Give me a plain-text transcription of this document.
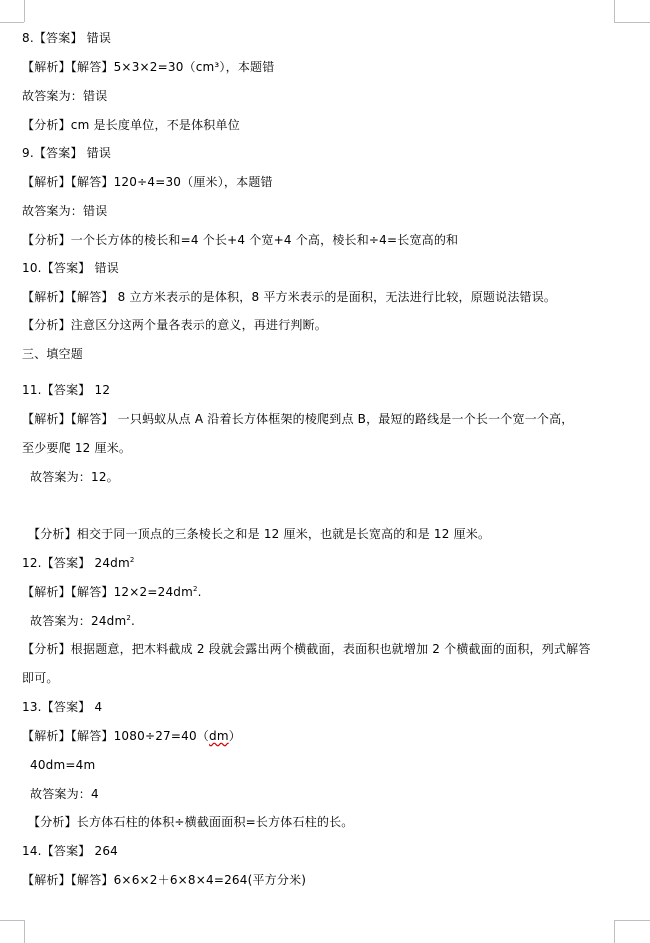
8.【答案】 错误
【解析】【解答】5×3×2=30（cm³），本题错
故答案为：错误
【分析】cm 是长度单位，不是体积单位
9.【答案】 错误
【解析】【解答】120÷4=30（厘米），本题错
故答案为：错误
【分析】一个长方体的棱长和=4 个长+4 个宽+4 个高，棱长和÷4=长宽高的和
10.【答案】 错误
【解析】【解答】 8 立方米表示的是体积，8 平方米表示的是面积，无法进行比较，原题说法错误。
【分析】注意区分这两个量各表示的意义，再进行判断。
三、填空题
11.【答案】 12
【解析】【解答】 一只蚂蚁从点 A 沿着长方体框架的棱爬到点 B，最短的路线是一个长一个宽一个高，
至少要爬 12 厘米。
故答案为：12。
【分析】相交于同一顶点的三条棱长之和是 12 厘米，也就是长宽高的和是 12 厘米。
12.【答案】 $24dm^2$
【解析】【解答】$12\times 2=24dm^2$.
故答案为：$24dm^2$.
【分析】根据题意，把木料截成 2 段就会露出两个横截面，表面积也就增加 2 个横截面的面积，列式解答
即可。
13.【答案】 4
【解析】【解答】1080÷27=40（dm）
40dm=4m
故答案为：4
【分析】长方体石柱的体积÷横截面面积=长方体石柱的长。
14.【答案】 264
【解析】【解答】6×6×2＋6×8×4=264(平方分米)
